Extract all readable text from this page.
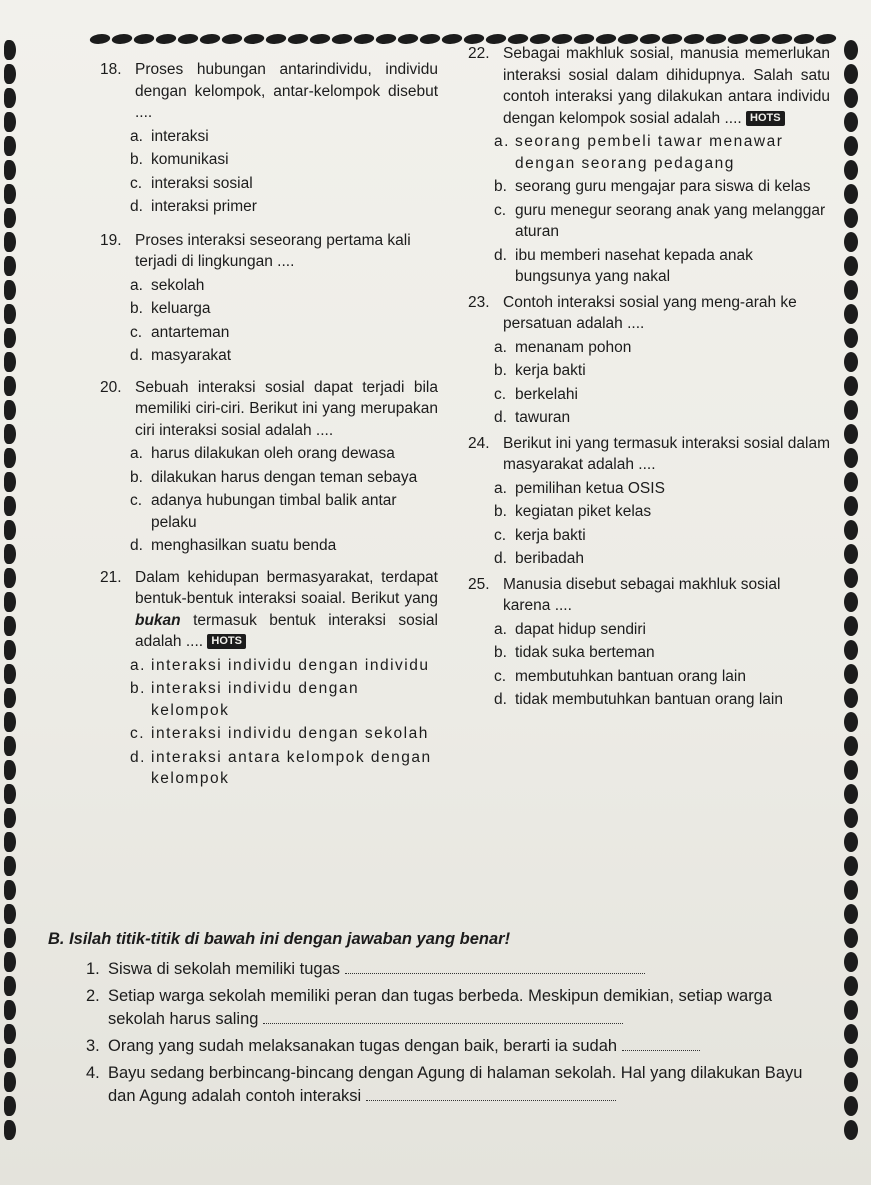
18. Proses hubungan antarindividu, individu dengan kelompok, antar-kelompok disebut ....
a. interaksi
b. komunikasi
c. interaksi sosial
d. interaksi primer
19. Proses interaksi seseorang pertama kali terjadi di lingkungan ....
a. sekolah
b. keluarga
c. antarteman
d. masyarakat
20. Sebuah interaksi sosial dapat terjadi bila memiliki ciri-ciri. Berikut ini yang merupakan ciri interaksi sosial adalah ....
a. harus dilakukan oleh orang dewasa
b. dilakukan harus dengan teman sebaya
c. adanya hubungan timbal balik antar pelaku
d. menghasilkan suatu benda
21. Dalam kehidupan bermasyarakat, terdapat bentuk-bentuk interaksi soaial. Berikut yang bukan termasuk bentuk interaksi sosial adalah .... HOTS
a. interaksi individu dengan individu
b. interaksi individu dengan kelompok
c. interaksi individu dengan sekolah
d. interaksi antara kelompok dengan kelompok
22. Sebagai makhluk sosial, manusia memerlukan interaksi sosial dalam dihidupnya. Salah satu contoh interaksi yang dilakukan antara individu dengan kelompok sosial adalah .... HOTS
a. seorang pembeli tawar menawar dengan seorang pedagang
b. seorang guru mengajar para siswa di kelas
c. guru menegur seorang anak yang melanggar aturan
d. ibu memberi nasehat kepada anak bungsunya yang nakal
23. Contoh interaksi sosial yang meng-arah ke persatuan adalah ....
a. menanam pohon
b. kerja bakti
c. berkelahi
d. tawuran
24. Berikut ini yang termasuk interaksi sosial dalam masyarakat adalah ....
a. pemilihan ketua OSIS
b. kegiatan piket kelas
c. kerja bakti
d. beribadah
25. Manusia disebut sebagai makhluk sosial karena ....
a. dapat hidup sendiri
b. tidak suka berteman
c. membutuhkan bantuan orang lain
d. tidak membutuhkan bantuan orang lain
B. Isilah titik-titik di bawah ini dengan jawaban yang benar!
1. Siswa di sekolah memiliki tugas
2. Setiap warga sekolah memiliki peran dan tugas berbeda. Meskipun demikian, setiap warga sekolah harus saling
3. Orang yang sudah melaksanakan tugas dengan baik, berarti ia sudah
4. Bayu sedang berbincang-bincang dengan Agung di halaman sekolah. Hal yang dilakukan Bayu dan Agung adalah contoh interaksi
